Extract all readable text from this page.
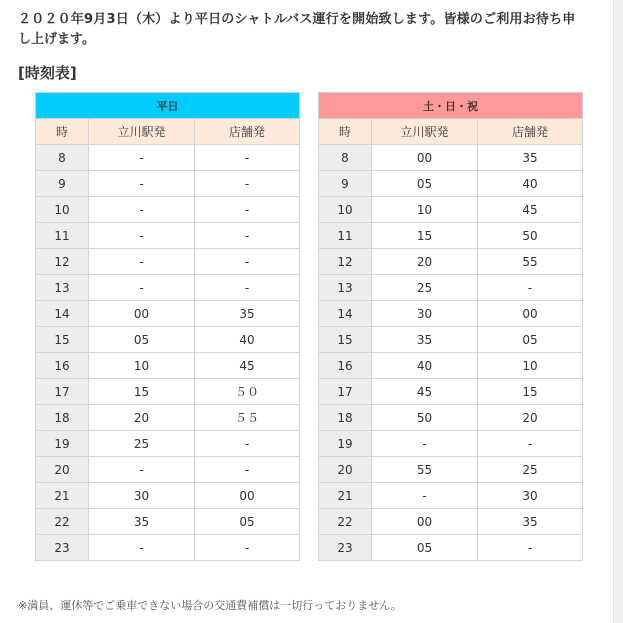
２０２０年9月3日（木）より平日のシャトルバス運行を開始致します。皆様のご利用お待ち申
し上げます。
[時刻表]
平日		
時	立川駅発	店舗発
8	-	-
9	-	-
10	-	-
11	-	-
12	-	-
13	-	-
14	00	35
15	05	40
16	10	45
17	15	５０
18	20	５５
19	25	-
20	-	-
21	30	00
22	35	05
23	-	-
土・日・祝		
時	立川駅発	店舗発
8	00	35
9	05	40
10	10	45
11	15	50
12	20	55
13	25	-
14	30	00
15	35	05
16	40	10
17	45	15
18	50	20
19	-	-
20	55	25
21	-	30
22	00	35
23	05	-
※満員、運休等でご乗車できない場合の交通費補償は一切行っておりません。
